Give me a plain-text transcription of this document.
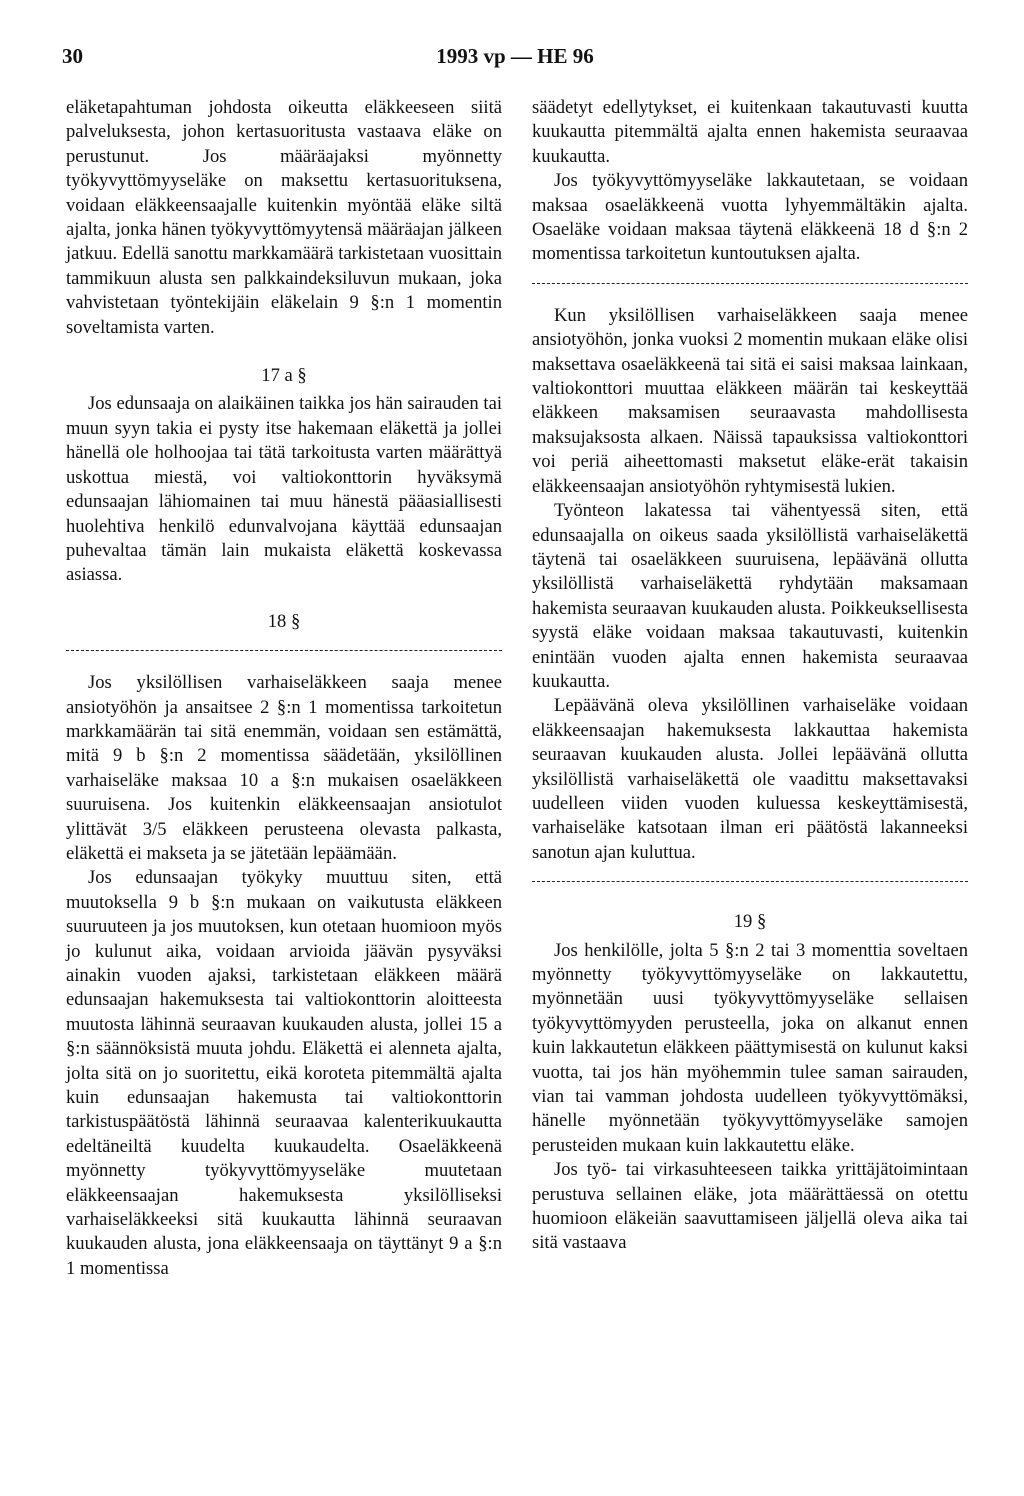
30	1993 vp — HE 96

eläketapahtuman johdosta oikeutta eläkkeeseen siitä palveluksesta, johon kertasuoritusta vastaava eläke on perustunut. Jos määräajaksi myönnetty työkyvyttömyyseläke on maksettu kertasuorituksena, voidaan eläkkeensaajalle kuitenkin myöntää eläke siltä ajalta, jonka hänen työkyvyttömyytensä määräajan jälkeen jatkuu. Edellä sanottu markkamäärä tarkistetaan vuosittain tammikuun alusta sen palkkaindeksiluvun mukaan, joka vahvistetaan työntekijäin eläkelain 9 §:n 1 momentin soveltamista varten.

17 a §

Jos edunsaaja on alaikäinen taikka jos hän sairauden tai muun syyn takia ei pysty itse hakemaan eläkettä ja jollei hänellä ole holhoojaa tai tätä tarkoitusta varten määrättyä uskottua miestä, voi valtiokonttorin hyväksymä edunsaajan lähiomainen tai muu hänestä pääasiallisesti huolehtiva henkilö edunvalvojana käyttää edunsaajan puhevaltaa tämän lain mukaista eläkettä koskevassa asiassa.

18 §

Jos yksilöllisen varhaiseläkkeen saaja menee ansiotyöhön ja ansaitsee 2 §:n 1 momentissa tarkoitetun markkamäärän tai sitä enemmän, voidaan sen estämättä, mitä 9 b §:n 2 momentissa säädetään, yksilöllinen varhaiseläke maksaa 10 a §:n mukaisen osaeläkkeen suuruisena. Jos kuitenkin eläkkeensaajan ansiotulot ylittävät 3/5 eläkkeen perusteena olevasta palkasta, eläkettä ei makseta ja se jätetään lepäämään.

Jos edunsaajan työkyky muuttuu siten, että muutoksella 9 b §:n mukaan on vaikutusta eläkkeen suuruuteen ja jos muutoksen, kun otetaan huomioon myös jo kulunut aika, voidaan arvioida jäävän pysyväksi ainakin vuoden ajaksi, tarkistetaan eläkkeen määrä edunsaajan hakemuksesta tai valtiokonttorin aloitteesta muutosta lähinnä seuraavan kuukauden alusta, jollei 15 a §:n säännöksistä muuta johdu. Eläkettä ei alenneta ajalta, jolta sitä on jo suoritettu, eikä koroteta pitemmältä ajalta kuin edunsaajan hakemusta tai valtiokonttorin tarkistuspäätöstä lähinnä seuraavaa kalenterikuukautta edeltäneiltä kuudelta kuukaudelta. Osaeläkkeenä myönnetty työkyvyttömyyseläke muutetaan eläkkeensaajan hakemuksesta yksilölliseksi varhaiseläkkeeksi sitä kuukautta lähinnä seuraavan kuukauden alusta, jona eläkkeensaaja on täyttänyt 9 a §:n 1 momentissa

säädetyt edellytykset, ei kuitenkaan takautuvasti kuutta kuukautta pitemmältä ajalta ennen hakemista seuraavaa kuukautta.

Jos työkyvyttömyyseläke lakkautetaan, se voidaan maksaa osaeläkkeenä vuotta lyhyemmältäkin ajalta. Osaeläke voidaan maksaa täytenä eläkkeenä 18 d §:n 2 momentissa tarkoitetun kuntoutuksen ajalta.

Kun yksilöllisen varhaiseläkkeen saaja menee ansiotyöhön, jonka vuoksi 2 momentin mukaan eläke olisi maksettava osaeläkkeenä tai sitä ei saisi maksaa lainkaan, valtiokonttori muuttaa eläkkeen määrän tai keskeyttää eläkkeen maksamisen seuraavasta mahdollisesta maksujaksosta alkaen. Näissä tapauksissa valtiokonttori voi periä aiheettomasti maksetut eläke-erät takaisin eläkkeensaajan ansiotyöhön ryhtymisestä lukien.

Työnteon lakatessa tai vähentyessä siten, että edunsaajalla on oikeus saada yksilöllistä varhaiseläkettä täytenä tai osaeläkkeen suuruisena, lepäävänä ollutta yksilöllistä varhaiseläkettä ryhdytään maksamaan hakemista seuraavan kuukauden alusta. Poikkeuksellisesta syystä eläke voidaan maksaa takautuvasti, kuitenkin enintään vuoden ajalta ennen hakemista seuraavaa kuukautta.

Lepäävänä oleva yksilöllinen varhaiseläke voidaan eläkkeensaajan hakemuksesta lakkauttaa hakemista seuraavan kuukauden alusta. Jollei lepäävänä ollutta yksilöllistä varhaiseläkettä ole vaadittu maksettavaksi uudelleen viiden vuoden kuluessa keskeyttämisestä, varhaiseläke katsotaan ilman eri päätöstä lakanneeksi sanotun ajan kuluttua.

19 §

Jos henkilölle, jolta 5 §:n 2 tai 3 momenttia soveltaen myönnetty työkyvyttömyyseläke on lakkautettu, myönnetään uusi työkyvyttömyyseläke sellaisen työkyvyttömyyden perusteella, joka on alkanut ennen kuin lakkautetun eläkkeen päättymisestä on kulunut kaksi vuotta, tai jos hän myöhemmin tulee saman sairauden, vian tai vamman johdosta uudelleen työkyvyttömäksi, hänelle myönnetään työkyvyttömyyseläke samojen perusteiden mukaan kuin lakkautettu eläke.

Jos työ- tai virkasuhteeseen taikka yrittäjätoimintaan perustuva sellainen eläke, jota määrättäessä on otettu huomioon eläkeiän saavuttamiseen jäljellä oleva aika tai sitä vastaava
